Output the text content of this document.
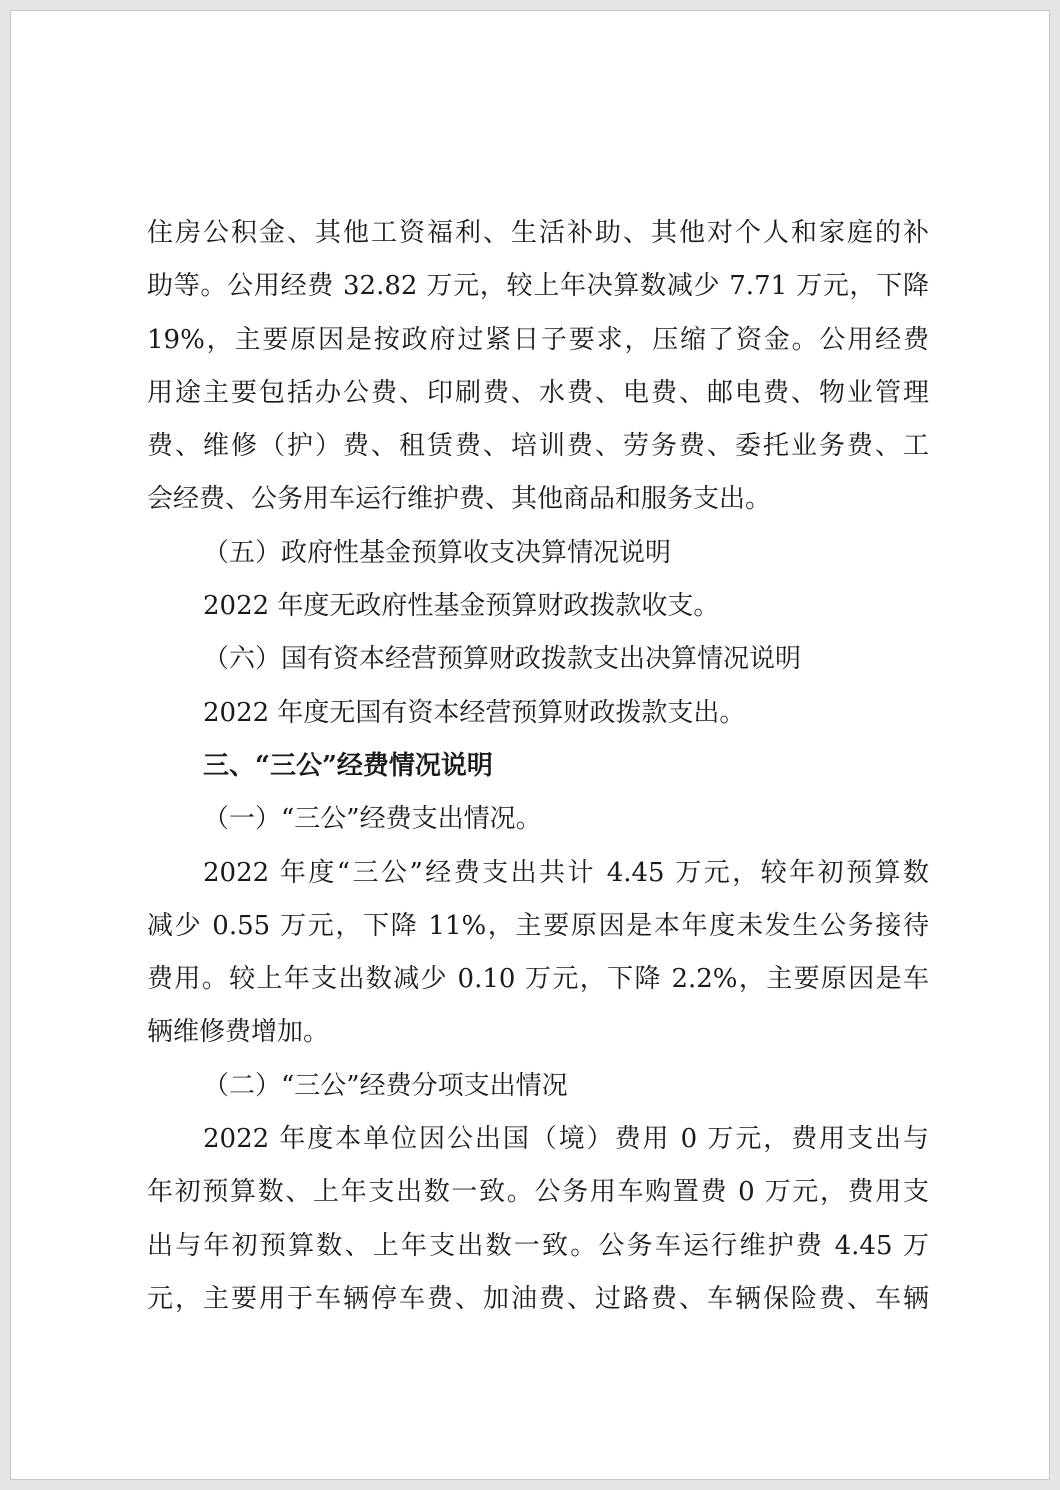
住房公积金、其他工资福利、生活补助、其他对个人和家庭的补
助等。公用经费 32.82 万元，较上年决算数减少 7.71 万元，下降
19%，主要原因是按政府过紧日子要求，压缩了资金。公用经费
用途主要包括办公费、印刷费、水费、电费、邮电费、物业管理
费、维修（护）费、租赁费、培训费、劳务费、委托业务费、工
会经费、公务用车运行维护费、其他商品和服务支出。
（五）政府性基金预算收支决算情况说明
2022 年度无政府性基金预算财政拨款收支。
（六）国有资本经营预算财政拨款支出决算情况说明
2022 年度无国有资本经营预算财政拨款支出。
三、“三公”经费情况说明
（一）“三公”经费支出情况。
2022 年度“三公”经费支出共计 4.45 万元，较年初预算数
减少 0.55 万元，下降 11%，主要原因是本年度未发生公务接待
费用。较上年支出数减少 0.10 万元，下降 2.2%，主要原因是车
辆维修费增加。
（二）“三公”经费分项支出情况
2022 年度本单位因公出国（境）费用 0 万元，费用支出与
年初预算数、上年支出数一致。公务用车购置费 0 万元，费用支
出与年初预算数、上年支出数一致。公务车运行维护费 4.45 万
元，主要用于车辆停车费、加油费、过路费、车辆保险费、车辆
